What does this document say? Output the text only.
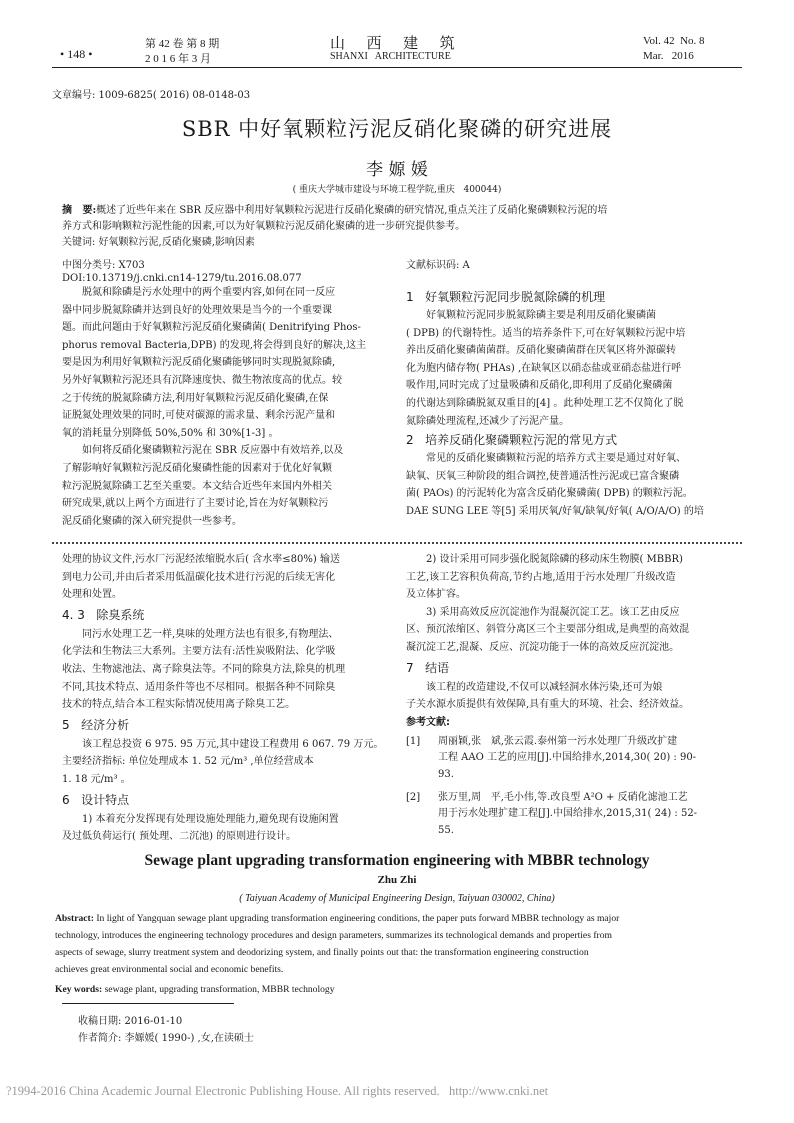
• 148 •
第 42 卷 第 8 期
2 0 1 6 年 3 月
山  西  建  筑
SHANXI   ARCHITECTURE
Vol. 42  No. 8
Mar.   2016
文章编号: 1009-6825( 2016) 08-0148-03
SBR 中好氧颗粒污泥反硝化聚磷的研究进展
李 嫄 媛
( 重庆大学城市建设与环境工程学院,重庆   400044)
摘   要:概述了近些年来在 SBR 反应器中利用好氧颗粒污泥进行反硝化聚磷的研究情况,重点关注了反硝化聚磷颗粒污泥的培
养方式和影响颗粒污泥性能的因素,可以为好氧颗粒污泥反硝化聚磷的进一步研究提供参考。
关键词: 好氧颗粒污泥,反硝化聚磷,影响因素
中图分类号: X703	文献标识码: A
DOI:10.13719/j.cnki.cn14-1279/tu.2016.08.077
脱氮和除磷是污水处理中的两个重要内容,如何在同一反应
器中同步脱氮除磷并达到良好的处理效果是当今的一个重要课
题。而此问题由于好氧颗粒污泥反硝化聚磷菌( Denitrifying Phos-
phorus removal Bacteria,DPB) 的发现,将会得到良好的解决,这主
要是因为利用好氧颗粒污泥反硝化聚磷能够同时实现脱氮除磷,
另外好氧颗粒污泥还具有沉降速度快、微生物浓度高的优点。较
之于传统的脱氮除磷方法,利用好氧颗粒污泥反硝化聚磷,在保
证脱氮处理效果的同时,可使对碳源的需求量、剩余污泥产量和
氧的消耗量分别降低 50%,50% 和 30%[1-3] 。
如何将反硝化聚磷颗粒污泥在 SBR 反应器中有效培养,以及
了解影响好氧颗粒污泥反硝化聚磷性能的因素对于优化好氧颗
粒污泥脱氮除磷工艺至关重要。本文结合近些年来国内外相关
研究成果,就以上两个方面进行了主要讨论,旨在为好氧颗粒污
泥反硝化聚磷的深入研究提供一些参考。
1   好氧颗粒污泥同步脱氮除磷的机理
好氧颗粒污泥同步脱氮除磷主要是利用反硝化聚磷菌
( DPB) 的代谢特性。适当的培养条件下,可在好氧颗粒污泥中培
养出反硝化聚磷菌菌群。反硝化聚磷菌群在厌氧区将外源碳转
化为胞内储存物( PHAs) ,在缺氧区以硝态盐或亚硝态盐进行呼
吸作用,同时完成了过量吸磷和反硝化,即利用了反硝化聚磷菌
的代谢达到除磷脱氮双重目的[4] 。此种处理工艺不仅简化了脱
氮除磷处理流程,还减少了污泥产量。
2   培养反硝化聚磷颗粒污泥的常见方式
常见的反硝化聚磷颗粒污泥的培养方式主要是通过对好氧、
缺氧、厌氧三种阶段的组合调控,使普通活性污泥或已富含聚磷
菌( PAOs) 的污泥转化为富含反硝化聚磷菌( DPB) 的颗粒污泥。
DAE SUNG LEE 等[5] 采用厌氧/好氧/缺氧/好氧( A/O/A/O) 的培
处理的协议文件,污水厂污泥经浓缩脱水后( 含水率≤80%) 输送
到电力公司,并由后者采用低温碳化技术进行污泥的后续无害化
处理和处置。
4. 3   除臭系统
同污水处理工艺一样,臭味的处理方法也有很多,有物理法、
化学法和生物法三大系列。主要方法有:活性炭吸附法、化学吸
收法、生物滤池法、离子除臭法等。不同的除臭方法,除臭的机理
不同,其技术特点、适用条件等也不尽相同。根据各种不同除臭
技术的特点,结合本工程实际情况使用离子除臭工艺。
5   经济分析
该工程总投资 6 975. 95 万元,其中建设工程费用 6 067. 79 万元。
主要经济指标: 单位处理成本 1. 52 元/m³ ,单位经营成本
1. 18 元/m³ 。
6   设计特点
1) 本着充分发挥现有处理设施处理能力,避免现有设施闲置
及过低负荷运行( 预处理、二沉池) 的原则进行设计。
2) 设计采用可同步强化脱氮除磷的移动床生物膜( MBBR)
工艺,该工艺容积负荷高,节约占地,适用于污水处理厂升级改造
及立体扩容。
3) 采用高效反应沉淀池作为混凝沉淀工艺。该工艺由反应
区、预沉浓缩区、斜管分离区三个主要部分组成,是典型的高效混
凝沉淀工艺,混凝、反应、沉淀功能于一体的高效反应沉淀池。
7   结语
该工程的改造建设,不仅可以减轻洞水体污染,还可为娘
子关水源水质提供有效保障,具有重大的环境、社会、经济效益。
参考文献:
[1]	周丽颖,张   斌,张云霞.泰州第一污水处理厂升级改扩建
工程 AAO 工艺的应用[J].中国给排水,2014,30( 20) : 90-
93.
[2]	张万里,周   平,毛小伟,等.改良型 A²O + 反硝化滤池工艺
用于污水处理扩建工程[J].中国给排水,2015,31( 24) : 52-
55.
Sewage plant upgrading transformation engineering with MBBR technology
Zhu Zhi
( Taiyuan Academy of Municipal Engineering Design, Taiyuan 030002, China)
Abstract: In light of Yangquan sewage plant upgrading transformation engineering conditions, the paper puts forward MBBR technology as major
technology, introduces the engineering technology procedures and design parameters, summarizes its technological demands and properties from
aspects of sewage, slurry treatment system and deodorizing system, and finally points out that: the transformation engineering construction
achieves great environmental social and economic benefits.
Key words: sewage plant, upgrading transformation, MBBR technology
收稿日期: 2016-01-10
作者简介: 李嫄媛( 1990-) ,女,在读硕士
?1994-2016 China Academic Journal Electronic Publishing House. All rights reserved.   http://www.cnki.net
